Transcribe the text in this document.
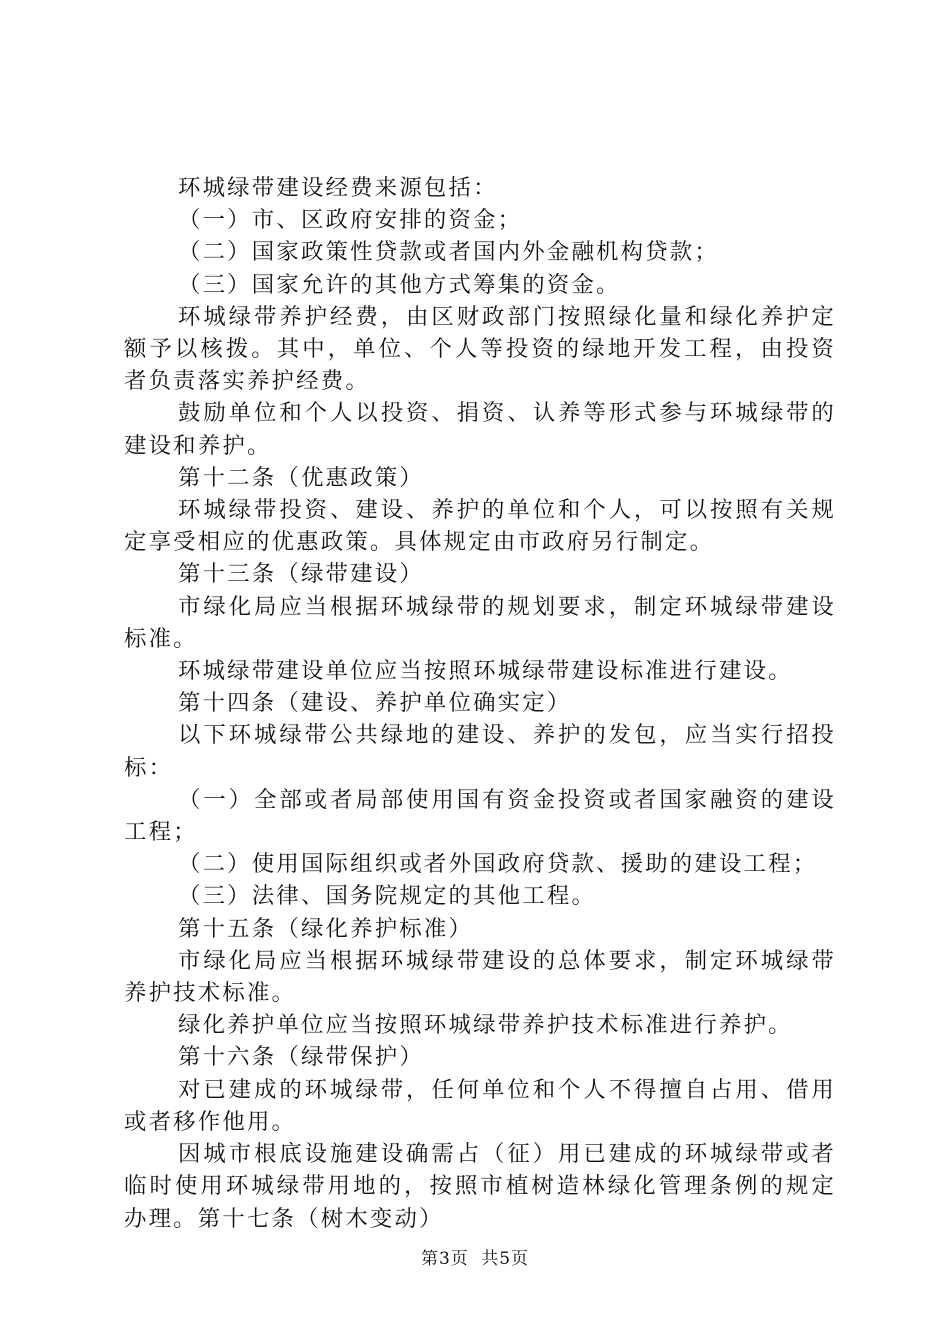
环城绿带建设经费来源包括：

（一）市、区政府安排的资金；

（二）国家政策性贷款或者国内外金融机构贷款；

（三）国家允许的其他方式筹集的资金。

环城绿带养护经费，由区财政部门按照绿化量和绿化养护定额予以核拨。其中，单位、个人等投资的绿地开发工程，由投资者负责落实养护经费。

鼓励单位和个人以投资、捐资、认养等形式参与环城绿带的建设和养护。

第十二条（优惠政策）

环城绿带投资、建设、养护的单位和个人，可以按照有关规定享受相应的优惠政策。具体规定由市政府另行制定。

第十三条（绿带建设）

市绿化局应当根据环城绿带的规划要求，制定环城绿带建设标准。

环城绿带建设单位应当按照环城绿带建设标准进行建设。

第十四条（建设、养护单位确实定）

以下环城绿带公共绿地的建设、养护的发包，应当实行招投标：

（一）全部或者局部使用国有资金投资或者国家融资的建设工程；

（二）使用国际组织或者外国政府贷款、援助的建设工程；

（三）法律、国务院规定的其他工程。

第十五条（绿化养护标准）

市绿化局应当根据环城绿带建设的总体要求，制定环城绿带养护技术标准。

绿化养护单位应当按照环城绿带养护技术标准进行养护。

第十六条（绿带保护）

对已建成的环城绿带，任何单位和个人不得擅自占用、借用或者移作他用。

因城市根底设施建设确需占（征）用已建成的环城绿带或者临时使用环城绿带用地的，按照市植树造林绿化管理条例的规定办理。第十七条（树木变动）

第3页 共5页
